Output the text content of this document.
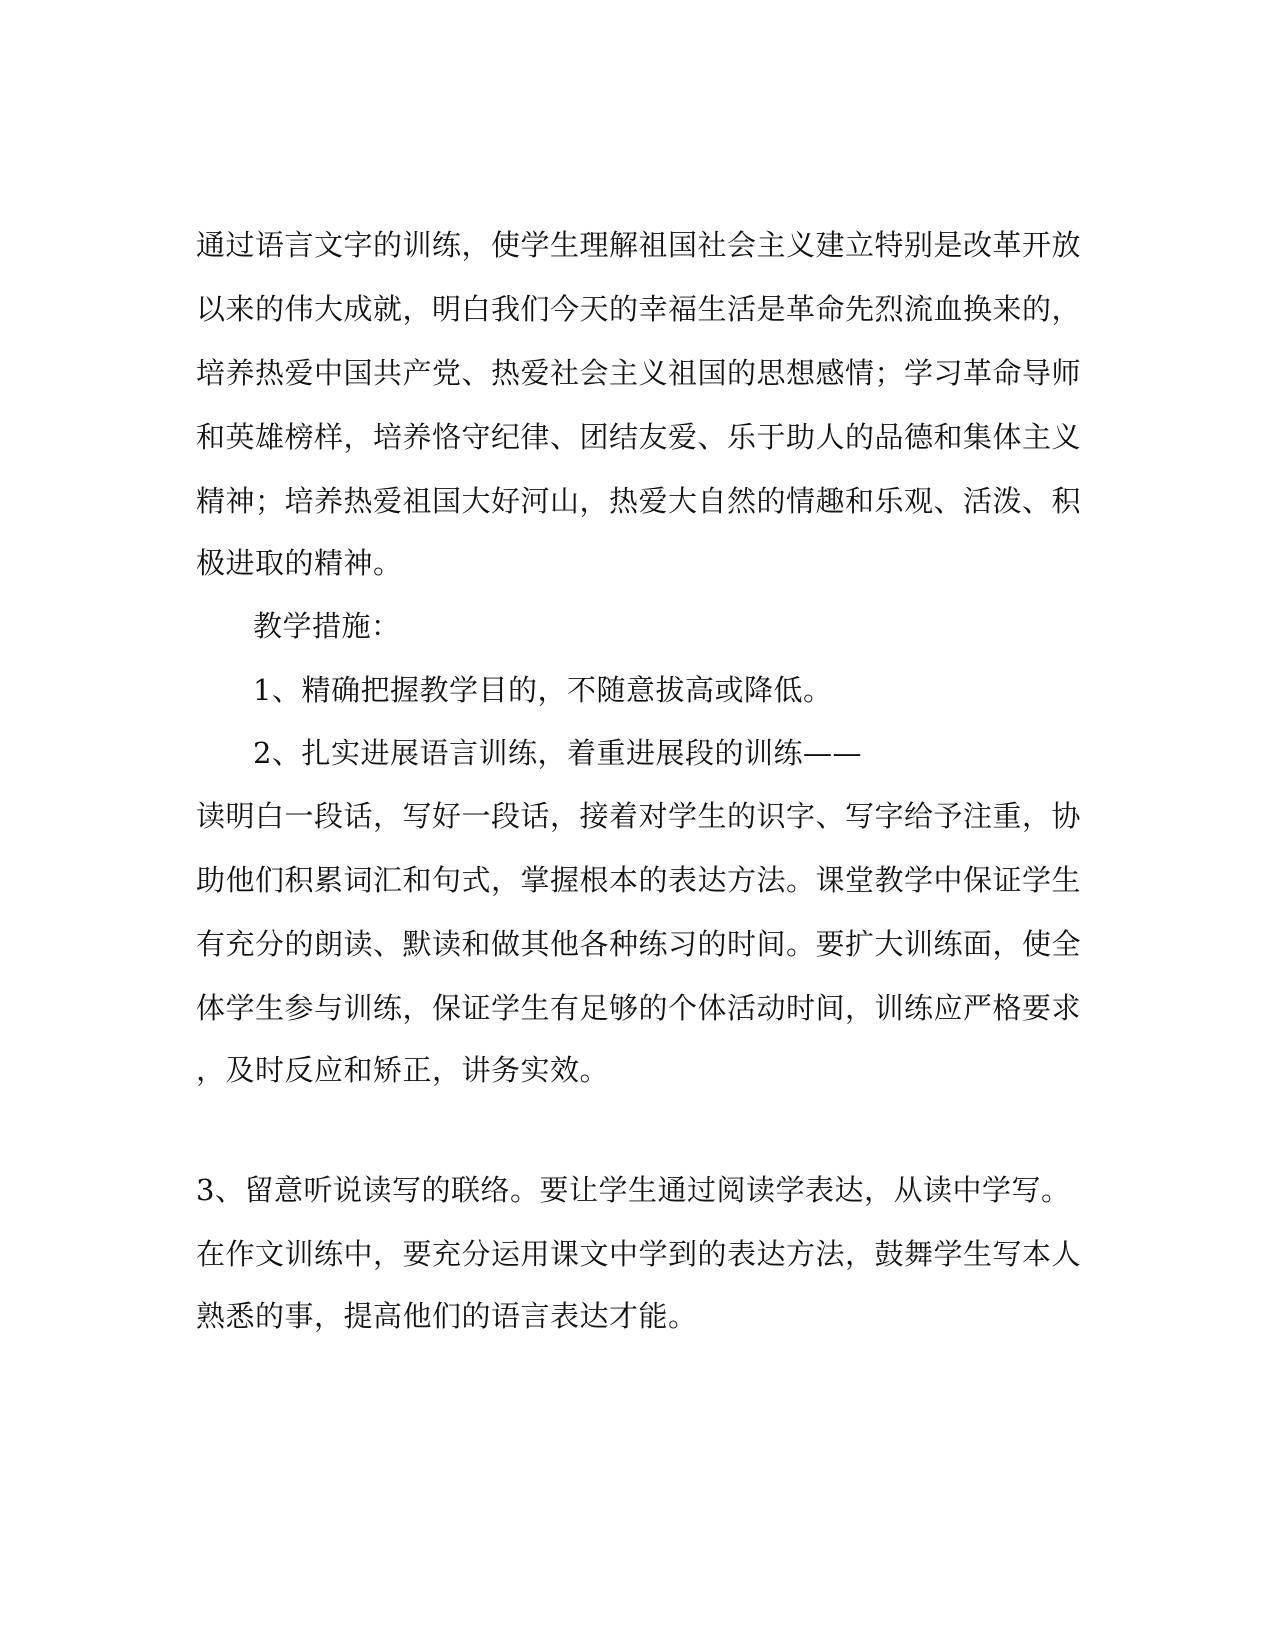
通过语言文字的训练，使学生理解祖国社会主义建立特别是改革开放
以来的伟大成就，明白我们今天的幸福生活是革命先烈流血换来的，
培养热爱中国共产党、热爱社会主义祖国的思想感情；学习革命导师
和英雄榜样，培养恪守纪律、团结友爱、乐于助人的品德和集体主义
精神；培养热爱祖国大好河山，热爱大自然的情趣和乐观、活泼、积
极进取的精神。
教学措施：
1、精确把握教学目的，不随意拔高或降低。
2、扎实进展语言训练，着重进展段的训练——
读明白一段话，写好一段话，接着对学生的识字、写字给予注重，协
助他们积累词汇和句式，掌握根本的表达方法。课堂教学中保证学生
有充分的朗读、默读和做其他各种练习的时间。要扩大训练面，使全
体学生参与训练，保证学生有足够的个体活动时间，训练应严格要求
，及时反应和矫正，讲务实效。
3、留意听说读写的联络。要让学生通过阅读学表达，从读中学写。
在作文训练中，要充分运用课文中学到的表达方法，鼓舞学生写本人
熟悉的事，提高他们的语言表达才能。
